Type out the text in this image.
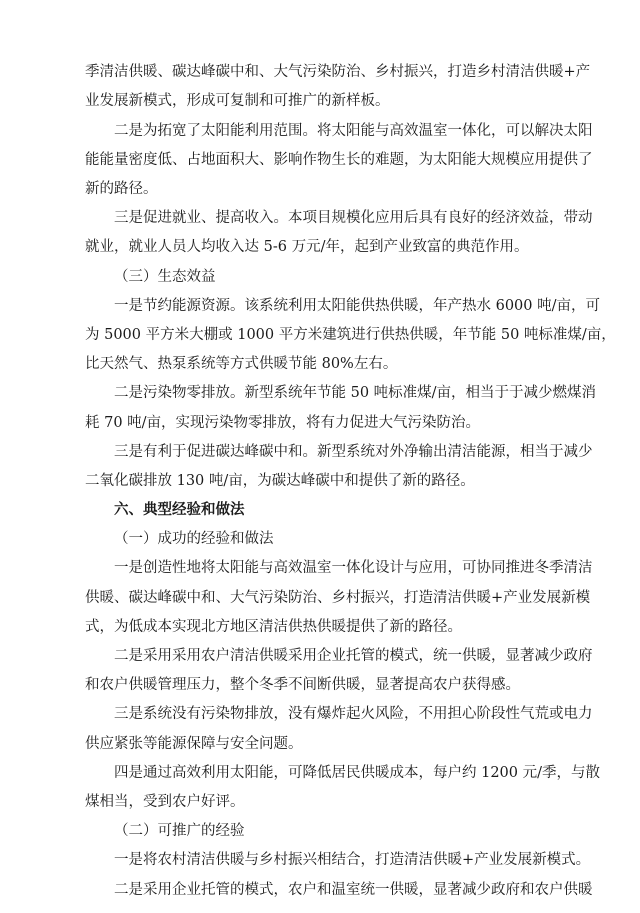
季清洁供暖、碳达峰碳中和、大气污染防治、乡村振兴，打造乡村清洁供暖+产
业发展新模式，形成可复制和可推广的新样板。
二是为拓宽了太阳能利用范围。将太阳能与高效温室一体化，可以解决太阳
能能量密度低、占地面积大、影响作物生长的难题，为太阳能大规模应用提供了
新的路径。
三是促进就业、提高收入。本项目规模化应用后具有良好的经济效益，带动
就业，就业人员人均收入达 5-6 万元/年，起到产业致富的典范作用。
（三）生态效益
一是节约能源资源。该系统利用太阳能供热供暖，年产热水 6000 吨/亩，可
为 5000 平方米大棚或 1000 平方米建筑进行供热供暖，年节能 50 吨标准煤/亩，
比天然气、热泵系统等方式供暖节能 80%左右。
二是污染物零排放。新型系统年节能 50 吨标准煤/亩，相当于于减少燃煤消
耗 70 吨/亩，实现污染物零排放，将有力促进大气污染防治。
三是有利于促进碳达峰碳中和。新型系统对外净输出清洁能源，相当于减少
二氧化碳排放 130 吨/亩，为碳达峰碳中和提供了新的路径。
六、典型经验和做法
（一）成功的经验和做法
一是创造性地将太阳能与高效温室一体化设计与应用，可协同推进冬季清洁
供暖、碳达峰碳中和、大气污染防治、乡村振兴，打造清洁供暖+产业发展新模
式，为低成本实现北方地区清洁供热供暖提供了新的路径。
二是采用采用农户清洁供暖采用企业托管的模式，统一供暖，显著减少政府
和农户供暖管理压力，整个冬季不间断供暖，显著提高农户获得感。
三是系统没有污染物排放，没有爆炸起火风险，不用担心阶段性气荒或电力
供应紧张等能源保障与安全问题。
四是通过高效利用太阳能，可降低居民供暖成本，每户约 1200 元/季，与散
煤相当，受到农户好评。
（二）可推广的经验
一是将农村清洁供暖与乡村振兴相结合，打造清洁供暖+产业发展新模式。
二是采用企业托管的模式，农户和温室统一供暖，显著减少政府和农户供暖
